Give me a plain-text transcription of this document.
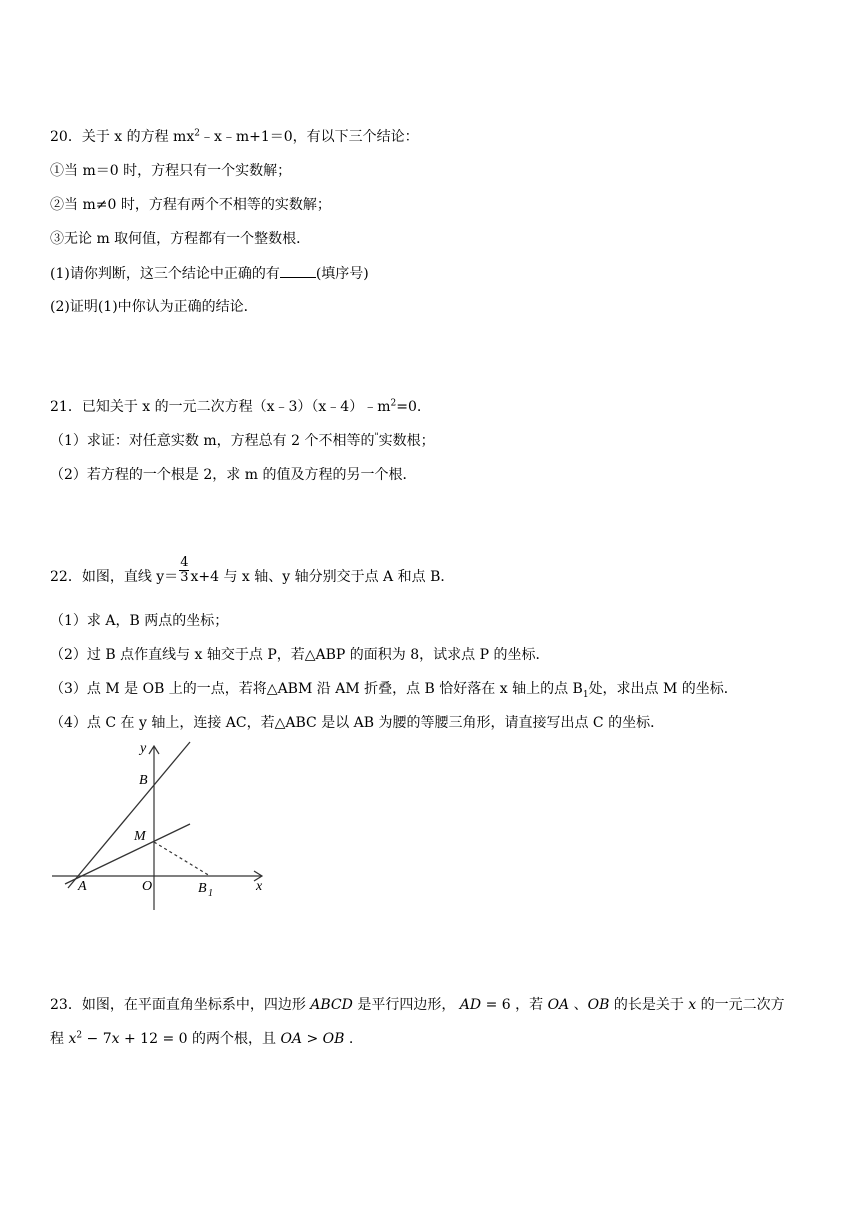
20．关于 x 的方程 $mx^2﹣x﹣m+1=0$，有以下三个结论：
①当 m＝0 时，方程只有一个实数解；
②当 m≠0 时，方程有两个不相等的实数解；
③无论 m 取何值，方程都有一个整数根．
(1)请你判断，这三个结论中正确的有	(填序号)
(2)证明(1)中你认为正确的结论．
21．已知关于 x 的一元二次方程$(x﹣3)(x﹣4)﹣m^2=0$.
（1）求证：对任意实数 m，方程总有 2 个不相等的"实数根；
（2）若方程的一个根是 2，求 m 的值及方程的另一个根．
22．如图，直线 $y= \frac{4}{3} x+4$ 与 x 轴、y 轴分别交于点 A 和点 B．
（1）求 A，B 两点的坐标；
（2）过 B 点作直线与 x 轴交于点 P，若△ABP 的面积为 8，试求点 P 的坐标．
（3）点 M 是 OB 上的一点，若将△ABM 沿 AM 折叠，点 B 恰好落在 x 轴上的点 $B_1$处，求出点 M 的坐标．
（4）点 C 在 y 轴上，连接 AC，若△ABC 是以 AB 为腰的等腰三角形，请直接写出点 C 的坐标．
y
x
B
M
A	O	B 1
23．如图，在平面直角坐标系中，四边形 ABCD 是平行四边形， AD = 6 ，若 OA 、OB 的长是关于 x 的一元二次方
程 $x^2 - 7x + 12 = 0$ 的两个根，且 OA > OB .
